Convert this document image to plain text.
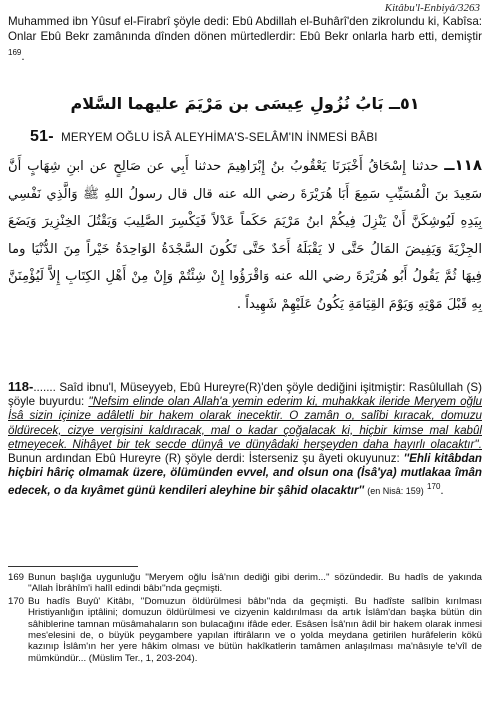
Kitâbu'l-Enbiyâ/3263
Muhammed ibn Yûsuf el-Firabrî şöyle dedi: Ebû Abdillah el-Buhârî'den zikrolundu ki, Kabîsa: Onlar Ebû Bekr zamânında dînden dönen mürtedlerdir: Ebû Bekr onlarla harb etti, demiştir $^{169}$.
٥١ــ بَابُ نُزُولِ عِيسَى بن مَرْيَمَ عليهما السَّلام
51- MERYEM OĞLU İSÂ ALEYHİMA'S-SELÂM'IN İNMESİ BÂBI
١١٨ــ حدثنا إِسْحَاقُ أَخْبَرَنَا يَعْقُوبُ بنُ إِبْرَاهِيمَ حدثنا أَبِي عن صَالِحٍ عن ابنِ شِهَابٍ أَنَّ سَعِيدَ بنَ الْمُسَيِّبِ سَمِعَ أَبَا هُرَيْرَةَ رضي الله عنه قال قال رسولُ اللهِ ﷺ وَالَّذِي نَفْسِي بِيَدِهِ لَيُوشِكَنَّ أَنْ يَنْزِلَ فِيكُمْ ابنُ مَرْيَمَ حَكَماً عَدْلاً فَيَكْسِرَ الصَّلِيبَ وَيَقْتُلَ الخِنْزِيرَ وَيَضَعَ الجِزْيَةَ وَيَفِيضَ المَالُ حَتَّى لا يَقْبَلَهُ أَحَدٌ حَتَّى تَكُونَ السَّجْدَةُ الوَاحِدَةُ خَيْراً مِنَ الدُّنْيَا وما فِيهَا ثُمَّ يَقُولُ أَبُو هُرَيْرَةَ رضي الله عنه وَاقْرَؤُوا إِنْ شِئْتُمْ وَإِنْ مِنْ أَهْلِ الكِتَابِ إِلاَّ لَيُؤْمِنَنَّ بِهِ قَبْلَ مَوْتِهِ وَيَوْمَ القِيَامَةِ يَكُونُ عَلَيْهِمْ شَهِيداً .
118-....... Saîd ibnu'l, Müseyyeb, Ebû Hureyre(R)'den şöyle dediğini işitmiştir: Rasûlullah (S) şöyle buyurdu: ''Nefsim elinde olan Allah'a yemin ederim ki, muhakkak ileride Meryem oğlu İsâ sizin içinize adâletli bir hakem olarak inecektir. O zamân o, salîbi kıracak, domuzu öldürecek, cizye vergisini kaldıracak, mal o kadar çoğalacak ki, hiçbir kimse mal kabûl etmeyecek. Nihâyet bir tek secde dünyâ ve dünyâdaki herşeyden daha hayırlı olacaktır''. Bunun ardından Ebû Hureyre (R) şöyle derdi: İsterseniz şu âyeti okuyunuz: ''Ehli kitâbdan hiçbiri hâriç olmamak üzere, ölümünden evvel, and olsun ona (İsâ'ya) mutlakaa îmân edecek, o da kıyâmet günü kendileri aleyhine bir şâhid olacaktır'' (en Nisâ: 159) $^{170}$.
169 Bunun başlığa uygunluğu ''Meryem oğlu İsâ'nın dediği gibi derim...'' sözündedir. Bu hadîs de yakında ''Allah İbrâhîm'i halîl edindi bâbı''nda geçmişti.
170 Bu hadîs Buyû' Kitâbı, ''Domuzun öldürülmesi bâbı''nda da geçmişti. Bu hadîste salîbin kırılması Hristiyanlığın iptâlini; domuzun öldürülmesi ve cizyenin kaldırılması da artık İslâm'dan başka bütün din sâhiblerine tamnan müsâmahaların son bulacağını ifâde eder. Esâsen İsâ'nın âdil bir hakem olarak inmesi mes'elesini de, o büyük peygambere yapılan iftirâların ve o yolda meydana getirilen hurâfelerin kökü kazınıp İslâm'ın her yere hâkim olması ve bütün hakîkatlerin tamâmen anlaşılması ma'nâsıyle te'vîl de mümkündür... (Müslim Ter., 1, 203-204).
